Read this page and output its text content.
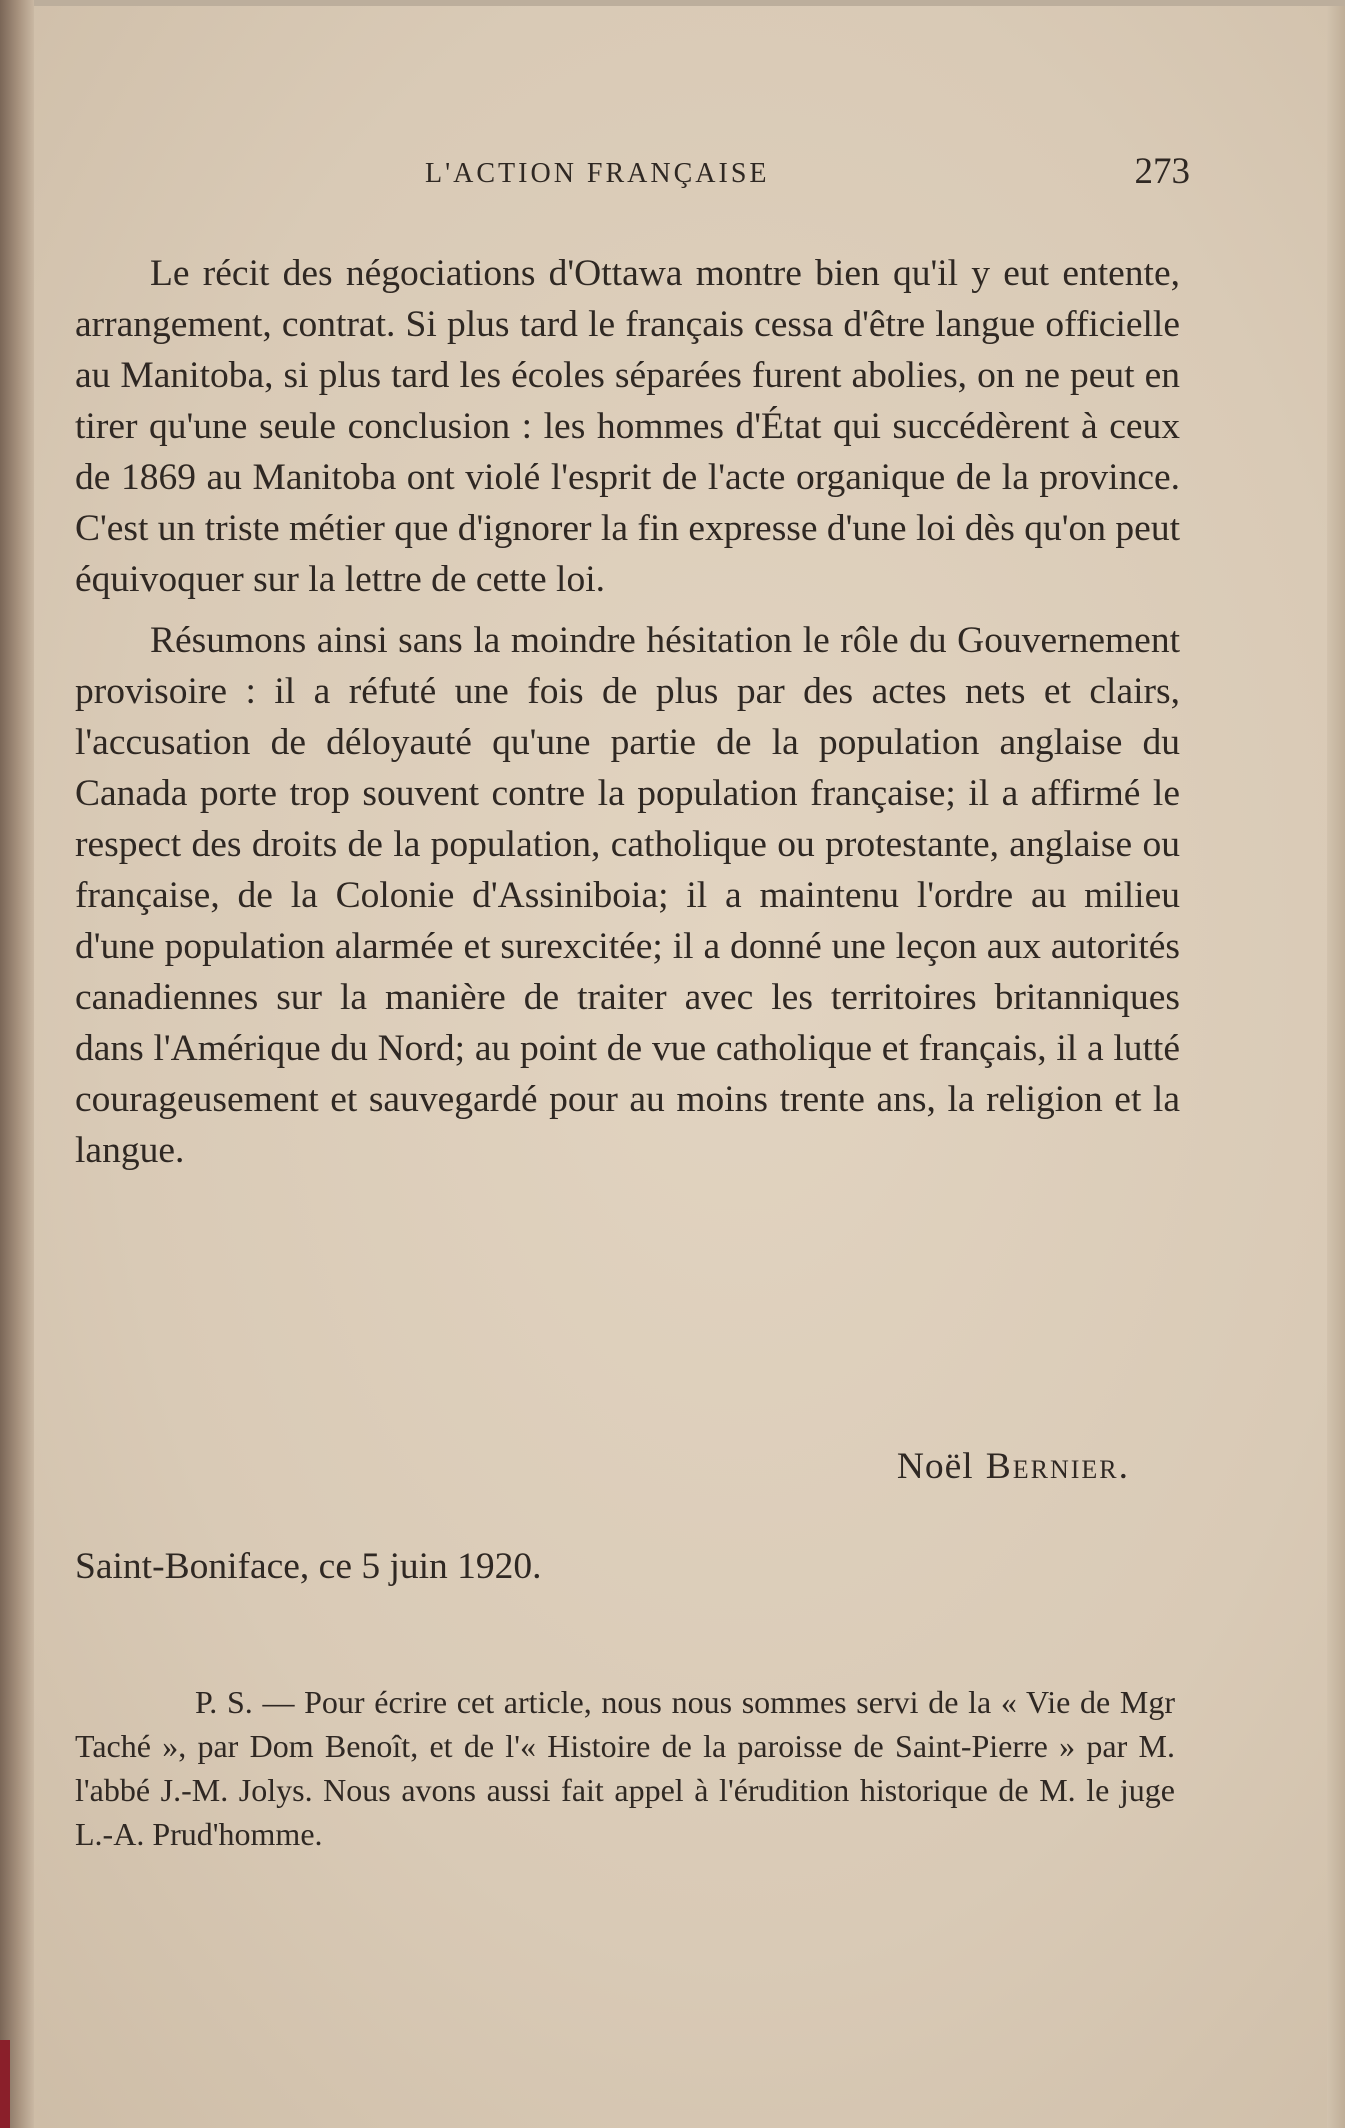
L'ACTION FRANÇAISE	273

Le récit des négociations d'Ottawa montre bien qu'il y eut entente, arrangement, contrat. Si plus tard le français cessa d'être langue officielle au Manitoba, si plus tard les écoles séparées furent abolies, on ne peut en tirer qu'une seule conclusion : les hommes d'État qui succédèrent à ceux de 1869 au Manitoba ont violé l'esprit de l'acte organique de la province. C'est un triste métier que d'ignorer la fin expresse d'une loi dès qu'on peut équivoquer sur la lettre de cette loi.

Résumons ainsi sans la moindre hésitation le rôle du Gouvernement provisoire : il a réfuté une fois de plus par des actes nets et clairs, l'accusation de déloyauté qu'une partie de la population anglaise du Canada porte trop souvent contre la population française; il a affirmé le respect des droits de la population, catholique ou protestante, anglaise ou française, de la Colonie d'Assiniboia; il a maintenu l'ordre au milieu d'une population alarmée et surexcitée; il a donné une leçon aux autorités canadiennes sur la manière de traiter avec les territoires britanniques dans l'Amérique du Nord; au point de vue catholique et français, il a lutté courageusement et sauvegardé pour au moins trente ans, la religion et la langue.

Noël Bernier.
Saint-Boniface, ce 5 juin 1920.

P. S. — Pour écrire cet article, nous nous sommes servi de la « Vie de Mgr Taché », par Dom Benoît, et de l'« Histoire de la paroisse de Saint-Pierre » par M. l'abbé J.-M. Jolys. Nous avons aussi fait appel à l'érudition historique de M. le juge L.-A. Prud'homme.
